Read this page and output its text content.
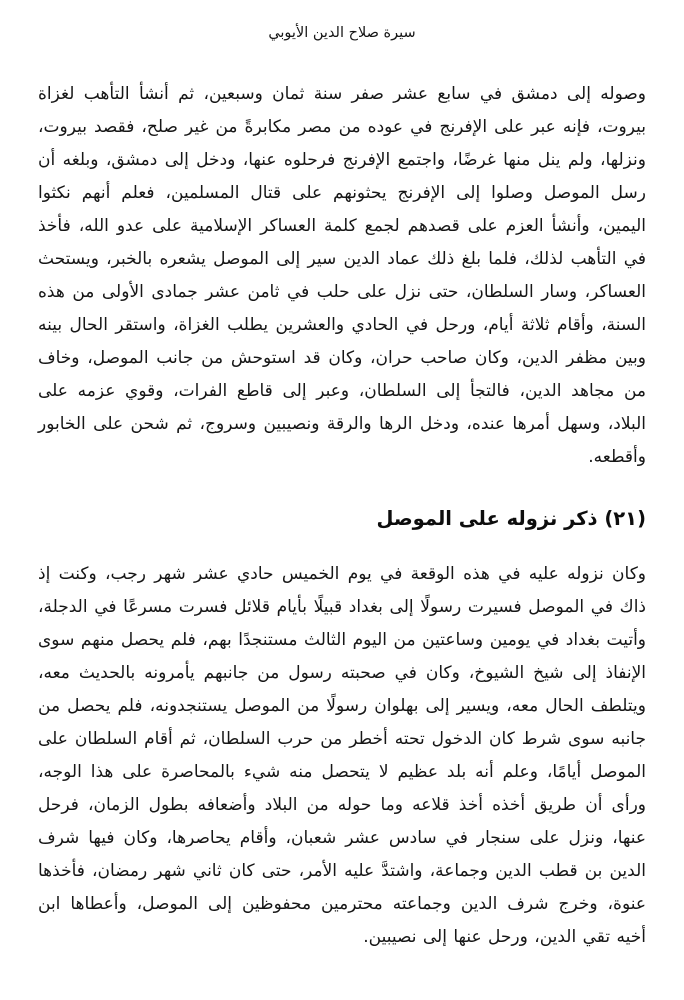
سيرة صلاح الدين الأيوبي

وصوله إلى دمشق في سابع عشر صفر سنة ثمان وسبعين، ثم أنشأ التأهب لغزاة بيروت، فإنه عبر على الإفرنج في عوده من مصر مكابرةً من غير صلح، فقصد بيروت، ونزلها، ولم ينل منها غرضًا، واجتمع الإفرنج فرحلوه عنها، ودخل إلى دمشق، وبلغه أن رسل الموصل وصلوا إلى الإفرنج يحثونهم على قتال المسلمين، فعلم أنهم نكثوا اليمين، وأنشأ العزم على قصدهم لجمع كلمة العساكر الإسلامية على عدو الله، فأخذ في التأهب لذلك، فلما بلغ ذلك عماد الدين سير إلى الموصل يشعره بالخبر، ويستحث العساكر، وسار السلطان، حتى نزل على حلب في ثامن عشر جمادى الأولى من هذه السنة، وأقام ثلاثة أيام، ورحل في الحادي والعشرين يطلب الغزاة، واستقر الحال بينه وبين مظفر الدين، وكان صاحب حران، وكان قد استوحش من جانب الموصل، وخاف من مجاهد الدين، فالتجأ إلى السلطان، وعبر إلى قاطع الفرات، وقوي عزمه على البلاد، وسهل أمرها عنده، ودخل الرها والرقة ونصيبين وسروج، ثم شحن على الخابور وأقطعه.

(٢١) ذكر نزوله على الموصل

وكان نزوله عليه في هذه الوقعة في يوم الخميس حادي عشر شهر رجب، وكنت إذ ذاك في الموصل فسيرت رسولًا إلى بغداد قبيلًا بأيام قلائل فسرت مسرعًا في الدجلة، وأتيت بغداد في يومين وساعتين من اليوم الثالث مستنجدًا بهم، فلم يحصل منهم سوى الإنفاذ إلى شيخ الشيوخ، وكان في صحبته رسول من جانبهم يأمرونه بالحديث معه، ويتلطف الحال معه، ويسير إلى بهلوان رسولًا من الموصل يستنجدونه، فلم يحصل من جانبه سوى شرط كان الدخول تحته أخطر من حرب السلطان، ثم أقام السلطان على الموصل أيامًا، وعلم أنه بلد عظيم لا يتحصل منه شيء بالمحاصرة على هذا الوجه، ورأى أن طريق أخذه أخذ قلاعه وما حوله من البلاد وأضعافه بطول الزمان، فرحل عنها، ونزل على سنجار في سادس عشر شعبان، وأقام يحاصرها، وكان فيها شرف الدين بن قطب الدين وجماعة، واشتدَّ عليه الأمر، حتى كان ثاني شهر رمضان، فأخذها عنوة، وخرج شرف الدين وجماعته محترمين محفوظين إلى الموصل، وأعطاها ابن أخيه تقي الدين، ورحل عنها إلى نصيبين.
